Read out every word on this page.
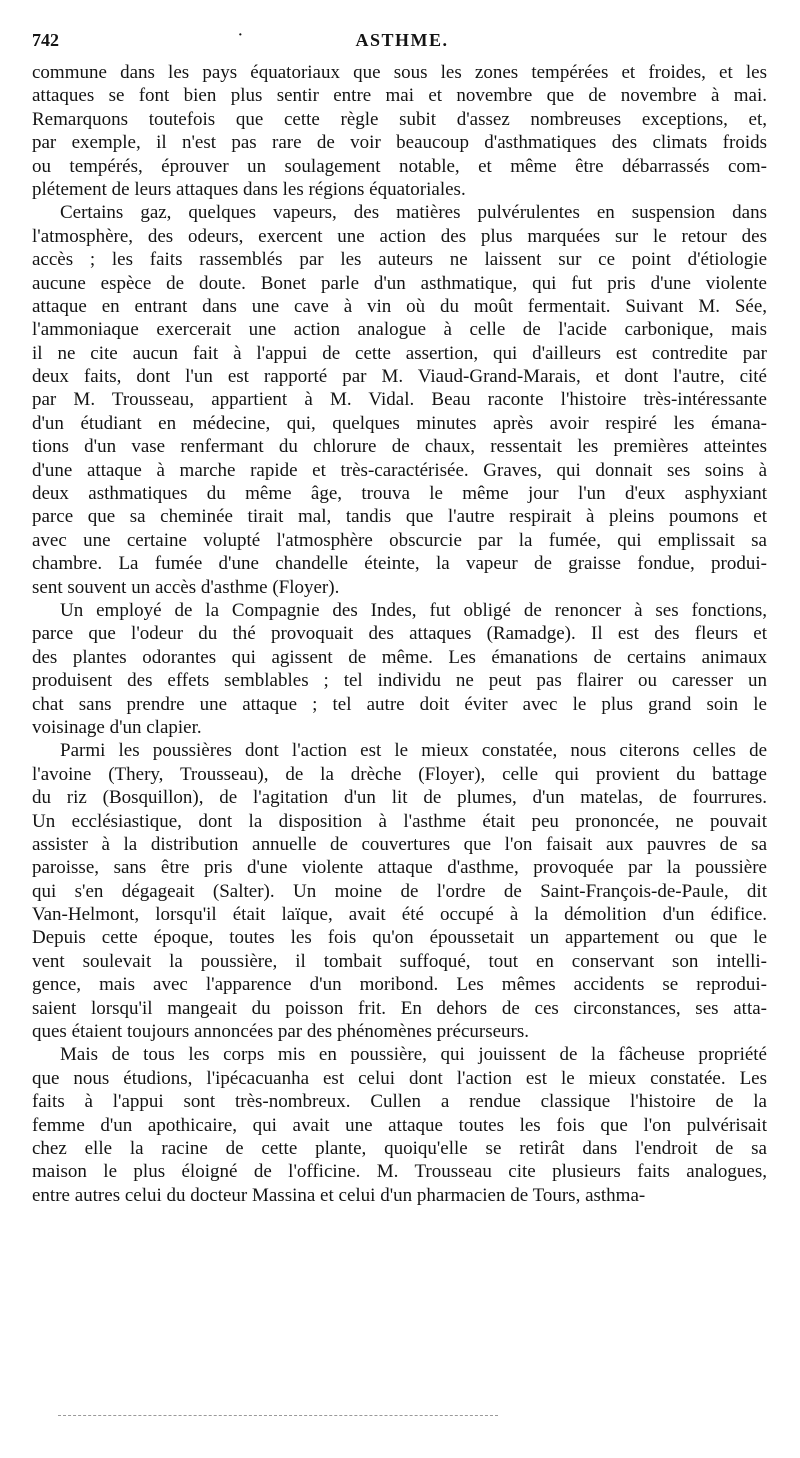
742	·	ASTHME.
commune dans les pays équatoriaux que sous les zones tempérées et froides, et les
attaques se font bien plus sentir entre mai et novembre que de novembre à mai.
Remarquons toutefois que cette règle subit d'assez nombreuses exceptions, et,
par exemple, il n'est pas rare de voir beaucoup d'asthmatiques des climats froids
ou tempérés, éprouver un soulagement notable, et même être débarrassés com-
plétement de leurs attaques dans les régions équatoriales.
Certains gaz, quelques vapeurs, des matières pulvérulentes en suspension dans
l'atmosphère, des odeurs, exercent une action des plus marquées sur le retour des
accès ; les faits rassemblés par les auteurs ne laissent sur ce point d'étiologie
aucune espèce de doute. Bonet parle d'un asthmatique, qui fut pris d'une violente
attaque en entrant dans une cave à vin où du moût fermentait. Suivant M. Sée,
l'ammoniaque exercerait une action analogue à celle de l'acide carbonique, mais
il ne cite aucun fait à l'appui de cette assertion, qui d'ailleurs est contredite par
deux faits, dont l'un est rapporté par M. Viaud-Grand-Marais, et dont l'autre, cité
par M. Trousseau, appartient à M. Vidal. Beau raconte l'histoire très-intéressante
d'un étudiant en médecine, qui, quelques minutes après avoir respiré les émana-
tions d'un vase renfermant du chlorure de chaux, ressentait les premières atteintes
d'une attaque à marche rapide et très-caractérisée. Graves, qui donnait ses soins à
deux asthmatiques du même âge, trouva le même jour l'un d'eux asphyxiant
parce que sa cheminée tirait mal, tandis que l'autre respirait à pleins poumons et
avec une certaine volupté l'atmosphère obscurcie par la fumée, qui emplissait sa
chambre. La fumée d'une chandelle éteinte, la vapeur de graisse fondue, produi-
sent souvent un accès d'asthme (Floyer).
Un employé de la Compagnie des Indes, fut obligé de renoncer à ses fonctions,
parce que l'odeur du thé provoquait des attaques (Ramadge). Il est des fleurs et
des plantes odorantes qui agissent de même. Les émanations de certains animaux
produisent des effets semblables ; tel individu ne peut pas flairer ou caresser un
chat sans prendre une attaque ; tel autre doit éviter avec le plus grand soin le
voisinage d'un clapier.
Parmi les poussières dont l'action est le mieux constatée, nous citerons celles de
l'avoine (Thery, Trousseau), de la drèche (Floyer), celle qui provient du battage
du riz (Bosquillon), de l'agitation d'un lit de plumes, d'un matelas, de fourrures.
Un ecclésiastique, dont la disposition à l'asthme était peu prononcée, ne pouvait
assister à la distribution annuelle de couvertures que l'on faisait aux pauvres de sa
paroisse, sans être pris d'une violente attaque d'asthme, provoquée par la poussière
qui s'en dégageait (Salter). Un moine de l'ordre de Saint-François-de-Paule, dit
Van-Helmont, lorsqu'il était laïque, avait été occupé à la démolition d'un édifice.
Depuis cette époque, toutes les fois qu'on époussetait un appartement ou que le
vent soulevait la poussière, il tombait suffoqué, tout en conservant son intelli-
gence, mais avec l'apparence d'un moribond. Les mêmes accidents se reprodui-
saient lorsqu'il mangeait du poisson frit. En dehors de ces circonstances, ses atta-
ques étaient toujours annoncées par des phénomènes précurseurs.
Mais de tous les corps mis en poussière, qui jouissent de la fâcheuse propriété
que nous étudions, l'ipécacuanha est celui dont l'action est le mieux constatée. Les
faits à l'appui sont très-nombreux. Cullen a rendue classique l'histoire de la
femme d'un apothicaire, qui avait une attaque toutes les fois que l'on pulvérisait
chez elle la racine de cette plante, quoiqu'elle se retirât dans l'endroit de sa
maison le plus éloigné de l'officine. M. Trousseau cite plusieurs faits analogues,
entre autres celui du docteur Massina et celui d'un pharmacien de Tours, asthma-
